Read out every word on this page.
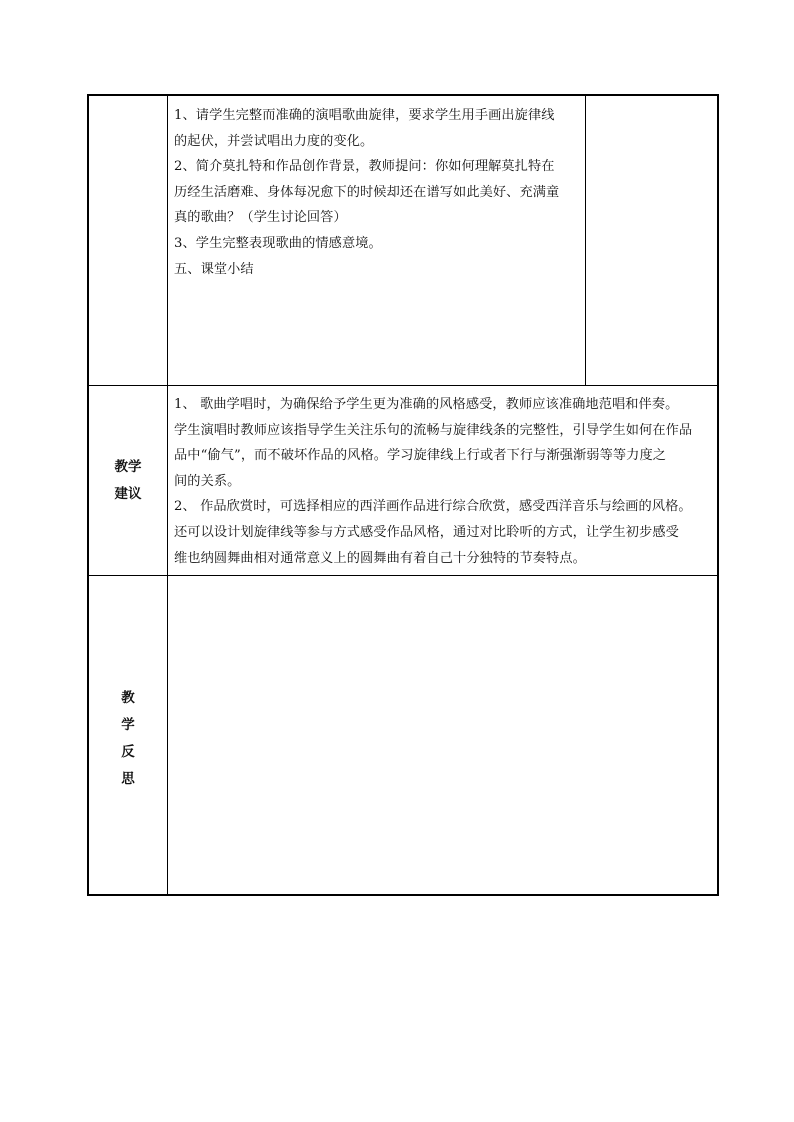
1、请学生完整而准确的演唱歌曲旋律，要求学生用手画出旋律线
的起伏，并尝试唱出力度的变化。
2、简介莫扎特和作品创作背景，教师提问：你如何理解莫扎特在
历经生活磨难、身体每况愈下的时候却还在谱写如此美好、充满童
真的歌曲？（学生讨论回答）
3、学生完整表现歌曲的情感意境。
五、课堂小结
教学
建议
1、 歌曲学唱时，为确保给予学生更为准确的风格感受，教师应该准确地范唱和伴奏。
学生演唱时教师应该指导学生关注乐句的流畅与旋律线条的完整性，引导学生如何在作品
品中“偷气”，而不破坏作品的风格。学习旋律线上行或者下行与渐强渐弱等等力度之
间的关系。
2、 作品欣赏时，可选择相应的西洋画作品进行综合欣赏，感受西洋音乐与绘画的风格。
还可以设计划旋律线等参与方式感受作品风格，通过对比聆听的方式，让学生初步感受
维也纳圆舞曲相对通常意义上的圆舞曲有着自己十分独特的节奏特点。
教
学
反
思
